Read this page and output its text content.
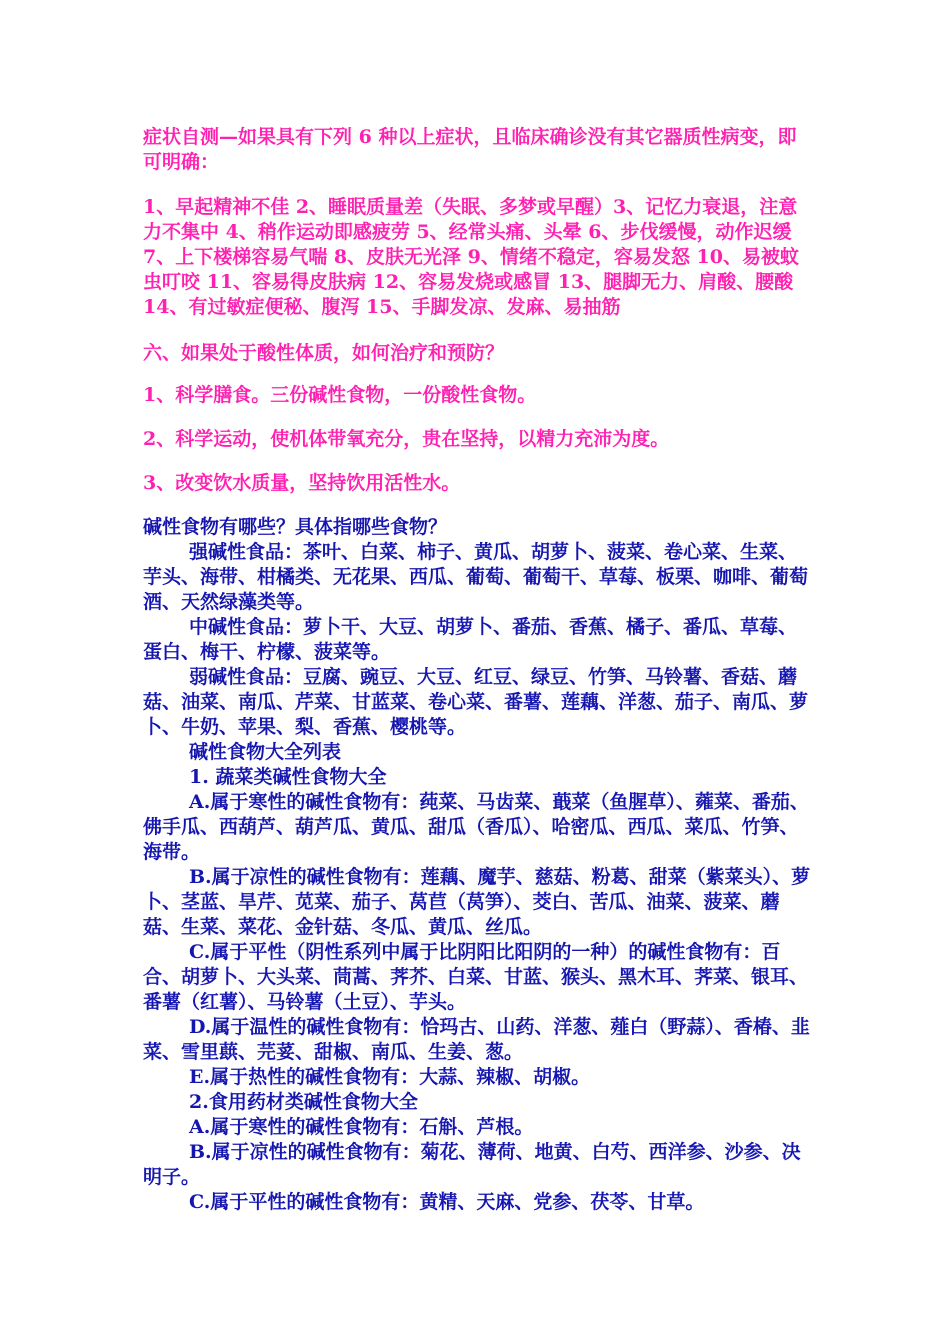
症状自测—如果具有下列 6 种以上症状，且临床确诊没有其它器质性病变，即可明确：

1、早起精神不佳 2、睡眠质量差（失眠、多梦或早醒）3、记忆力衰退，注意力不集中 4、稍作运动即感疲劳 5、经常头痛、头晕 6、步伐缓慢，动作迟缓 7、上下楼梯容易气喘 8、皮肤无光泽 9、情绪不稳定，容易发怒 10、易被蚊虫叮咬 11、容易得皮肤病 12、容易发烧或感冒 13、腿脚无力、肩酸、腰酸 14、有过敏症便秘、腹泻 15、手脚发凉、发麻、易抽筋

六、如果处于酸性体质，如何治疗和预防？

1、科学膳食。三份碱性食物，一份酸性食物。

2、科学运动，使机体带氧充分，贵在坚持，以精力充沛为度。

3、改变饮水质量，坚持饮用活性水。

碱性食物有哪些？具体指哪些食物？

强碱性食品：茶叶、白菜、柿子、黄瓜、胡萝卜、菠菜、卷心菜、生菜、芋头、海带、柑橘类、无花果、西瓜、葡萄、葡萄干、草莓、板栗、咖啡、葡萄酒、天然绿藻类等。

中碱性食品：萝卜干、大豆、胡萝卜、番茄、香蕉、橘子、番瓜、草莓、蛋白、梅干、柠檬、菠菜等。

弱碱性食品：豆腐、豌豆、大豆、红豆、绿豆、竹笋、马铃薯、香菇、蘑菇、油菜、南瓜、芹菜、甘蓝菜、卷心菜、番薯、莲藕、洋葱、茄子、南瓜、萝卜、牛奶、苹果、梨、香蕉、樱桃等。

碱性食物大全列表

1. 蔬菜类碱性食物大全

A.属于寒性的碱性食物有：莼菜、马齿菜、蕺菜（鱼腥草）、蕹菜、番茄、佛手瓜、西葫芦、葫芦瓜、黄瓜、甜瓜（香瓜）、哈密瓜、西瓜、菜瓜、竹笋、海带。

B.属于凉性的碱性食物有：莲藕、魔芋、慈菇、粉葛、甜菜（紫菜头）、萝卜、茎蓝、旱芹、苋菜、茄子、莴苣（莴笋）、茭白、苦瓜、油菜、菠菜、蘑菇、生菜、菜花、金针菇、冬瓜、黄瓜、丝瓜。

C.属于平性（阴性系列中属于比阴阳比阳阴的一种）的碱性食物有：百合、胡萝卜、大头菜、茼蒿、荠芥、白菜、甘蓝、猴头、黑木耳、荠菜、银耳、番薯（红薯）、马铃薯（土豆）、芋头。

D.属于温性的碱性食物有：恰玛古、山药、洋葱、薤白（野蒜）、香椿、韭菜、雪里蕻、芫荽、甜椒、南瓜、生姜、葱。

E.属于热性的碱性食物有：大蒜、辣椒、胡椒。

2.食用药材类碱性食物大全

A.属于寒性的碱性食物有：石斛、芦根。

B.属于凉性的碱性食物有：菊花、薄荷、地黄、白芍、西洋参、沙参、决明子。

C.属于平性的碱性食物有：黄精、天麻、党参、茯苓、甘草。
